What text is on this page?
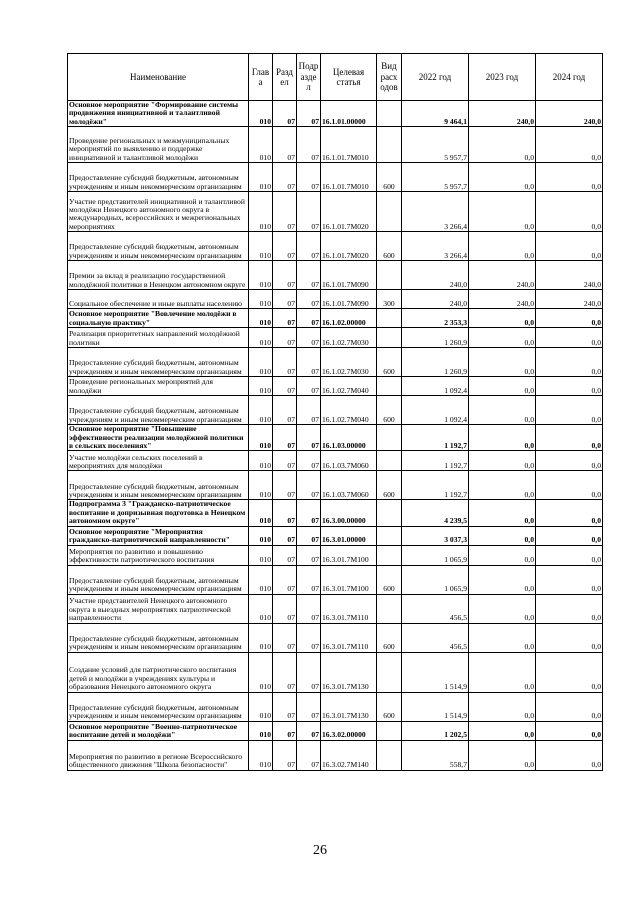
Наименование	Глав а	Разд ел	Подр азде л	Целевая статья	Вид расх одов	2022 год	2023 год	2024 год
Основное мероприятие "Формирование системы продвижения инициативной и талантливой молодёжи"	010	07	07	16.1.01.00000		9 464,1	240,0	240,0
Проведение региональных и межмуниципальных мероприятий по выявлению и поддержке инициативной и талантливой молодёжи	010	07	07	16.1.01.7М010		5 957,7	0,0	0,0
Предоставление субсидий бюджетным, автономным учреждениям и иным некоммерческим организациям	010	07	07	16.1.01.7М010	600	5 957,7	0,0	0,0
Участие представителей инициативной и талантливой молодёжи Ненецкого автономного округа в международных, всероссийских и межрегиональных мероприятиях	010	07	07	16.1.01.7М020		3 266,4	0,0	0,0
Предоставление субсидий бюджетным, автономным учреждениям и иным некоммерческим организациям	010	07	07	16.1.01.7М020	600	3 266,4	0,0	0,0
Премии за вклад в реализацию государственной молодёжной политики в Ненецком автономном округе	010	07	07	16.1.01.7М090		240,0	240,0	240,0
Социальное обеспечение и иные выплаты населению	010	07	07	16.1.01.7М090	300	240,0	240,0	240,0
Основное мероприятие "Вовлечение молодёжи в социальную практику"	010	07	07	16.1.02.00000		2 353,3	0,0	0,0
Реализация приоритетных направлений молодёжной политики	010	07	07	16.1.02.7М030		1 260,9	0,0	0,0
Предоставление субсидий бюджетным, автономным учреждениям и иным некоммерческим организациям	010	07	07	16.1.02.7М030	600	1 260,9	0,0	0,0
Проведение региональных мероприятий для молодёжи	010	07	07	16.1.02.7М040		1 092,4	0,0	0,0
Предоставление субсидий бюджетным, автономным учреждениям и иным некоммерческим организациям	010	07	07	16.1.02.7М040	600	1 092,4	0,0	0,0
Основное мероприятие "Повышение эффективности реализации молодёжной политики в сельских поселениях"	010	07	07	16.1.03.00000		1 192,7	0,0	0,0
Участие молодёжи сельских поселений в мероприятиях для молодёжи	010	07	07	16.1.03.7М060		1 192,7	0,0	0,0
Предоставление субсидий бюджетным, автономным учреждениям и иным некоммерческим организациям	010	07	07	16.1.03.7М060	600	1 192,7	0,0	0,0
Подпрограмма 3 "Гражданско-патриотическое воспитание и допризывная подготовка в Ненецком автономном округе"	010	07	07	16.3.00.00000		4 239,5	0,0	0,0
Основное мероприятие "Мероприятия гражданско-патриотической направленности"	010	07	07	16.3.01.00000		3 037,3	0,0	0,0
Мероприятия по развитию и повышению эффективности патриотического воспитания	010	07	07	16.3.01.7М100		1 065,9	0,0	0,0
Предоставление субсидий бюджетным, автономным учреждениям и иным некоммерческим организациям	010	07	07	16.3.01.7М100	600	1 065,9	0,0	0,0
Участие представителей Ненецкого автономного округа в выездных мероприятиях патриотической направленности	010	07	07	16.3.01.7М110		456,5	0,0	0,0
Предоставление субсидий бюджетным, автономным учреждениям и иным некоммерческим организациям	010	07	07	16.3.01.7М110	600	456,5	0,0	0,0
Создание условий для патриотического воспитания детей и молодёжи в учреждениях культуры и образования Ненецкого автономного округа	010	07	07	16.3.01.7М130		1 514,9	0,0	0,0
Предоставление субсидий бюджетным, автономным учреждениям и иным некоммерческим организациям	010	07	07	16.3.01.7М130	600	1 514,9	0,0	0,0
Основное мероприятие "Военно-патриотическое воспитание детей и молодёжи"	010	07	07	16.3.02.00000		1 202,5	0,0	0,0
Мероприятия по развитию в регионе Всероссийского общественного движения "Школа безопасности"	010	07	07	16.3.02.7М140		558,7	0,0	0,0
26
